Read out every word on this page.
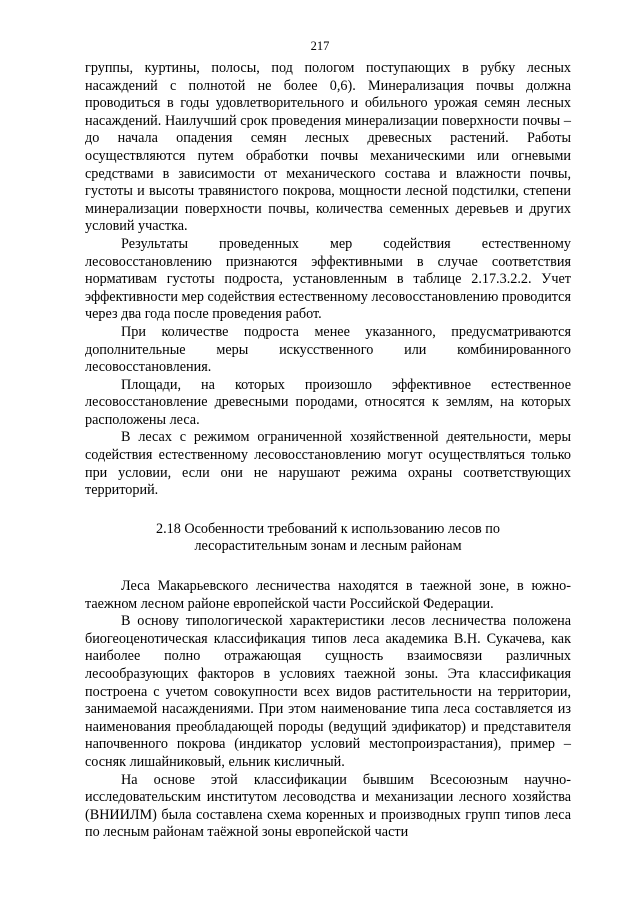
217

группы, куртины, полосы, под пологом поступающих в рубку лесных насаждений с полнотой не более 0,6). Минерализация почвы должна проводиться в годы удовлетворительного и обильного урожая семян лесных насаждений. Наилучший срок проведения минерализации поверхности почвы – до начала опадения семян лесных древесных растений. Работы осуществляются путем обработки почвы механическими или огневыми средствами в зависимости от механического состава и влажности почвы, густоты и высоты травянистого покрова, мощности лесной подстилки, степени минерализации поверхности почвы, количества семенных деревьев и других условий участка.

Результаты проведенных мер содействия естественному лесовосстановлению признаются эффективными в случае соответствия нормативам густоты подроста, установленным в таблице 2.17.3.2.2. Учет эффективности мер содействия естественному лесовосстановлению проводится через два года после проведения работ.

При количестве подроста менее указанного, предусматриваются дополнительные меры искусственного или комбинированного лесовосстановления.

Площади, на которых произошло эффективное естественное лесовосстановление древесными породами, относятся к землям, на которых расположены леса.

В лесах с режимом ограниченной хозяйственной деятельности, меры содействия естественному лесовосстановлению могут осуществляться только при условии, если они не нарушают режима охраны соответствующих территорий.

2.18 Особенности требований к использованию лесов по
лесорастительным зонам и лесным районам

Леса Макарьевского лесничества находятся в таежной зоне, в южно-таежном лесном районе европейской части Российской Федерации.

В основу типологической характеристики лесов лесничества положена биогеоценотическая классификация типов леса академика В.Н. Сукачева, как наиболее полно отражающая сущность взаимосвязи различных лесообразующих факторов в условиях таежной зоны. Эта классификация построена с учетом совокупности всех видов растительности на территории, занимаемой насаждениями. При этом наименование типа леса составляется из наименования преобладающей породы (ведущий эдификатор) и представителя напочвенного покрова (индикатор условий местопроизрастания), пример – сосняк лишайниковый, ельник кисличный.

На основе этой классификации бывшим Всесоюзным научно-исследовательским институтом лесоводства и механизации лесного хозяйства (ВНИИЛМ) была составлена схема коренных и производных групп типов леса по лесным районам таёжной зоны европейской части
